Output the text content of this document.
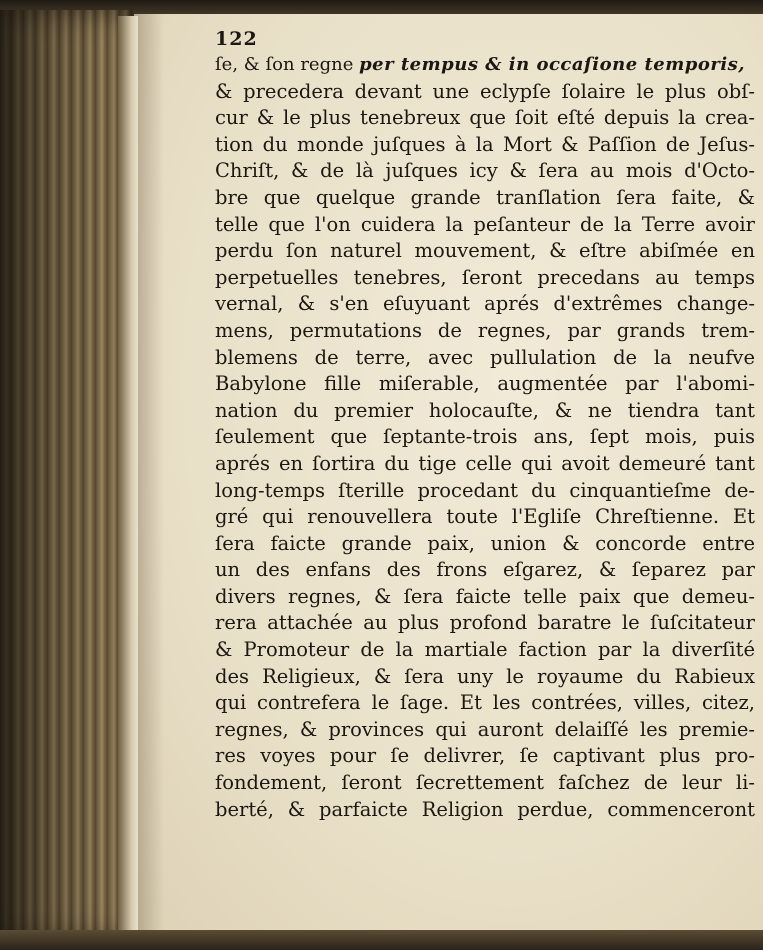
122
ſe, & ſon regne per tempus & in occaſione temporis,
& precedera devant une eclypſe ſolaire le plus obſ-
cur & le plus tenebreux que ſoit eſté depuis la crea-
tion du monde juſques à la Mort & Paſſion de Jeſus-
Chriſt, & de là juſques icy & ſera au mois d'Octo-
bre que quelque grande tranſlation ſera faite, &
telle que l'on cuidera la peſanteur de la Terre avoir
perdu ſon naturel mouvement, & eſtre abiſmée en
perpetuelles tenebres, ſeront precedans au temps
vernal, & s'en eſuyuant aprés d'extrêmes change-
mens, permutations de regnes, par grands trem-
blemens de terre, avec pullulation de la neufve
Babylone fille miſerable, augmentée par l'abomi-
nation du premier holocauſte, & ne tiendra tant
ſeulement que ſeptante-trois ans, ſept mois, puis
aprés en ſortira du tige celle qui avoit demeuré tant
long-temps ſterille procedant du cinquantieſme de-
gré qui renouvellera toute l'Egliſe Chreſtienne. Et
ſera faicte grande paix, union & concorde entre
un des enfans des frons eſgarez, & ſeparez par
divers regnes, & ſera faicte telle paix que demeu-
rera attachée au plus profond baratre le ſuſcitateur
& Promoteur de la martiale faction par la diverſité
des Religieux, & ſera uny le royaume du Rabieux
qui contrefera le ſage. Et les contrées, villes, citez,
regnes, & provinces qui auront delaiſſé les premie-
res voyes pour ſe delivrer, ſe captivant plus pro-
fondement, ſeront ſecrettement faſchez de leur li-
berté, & parfaicte Religion perdue, commenceront
